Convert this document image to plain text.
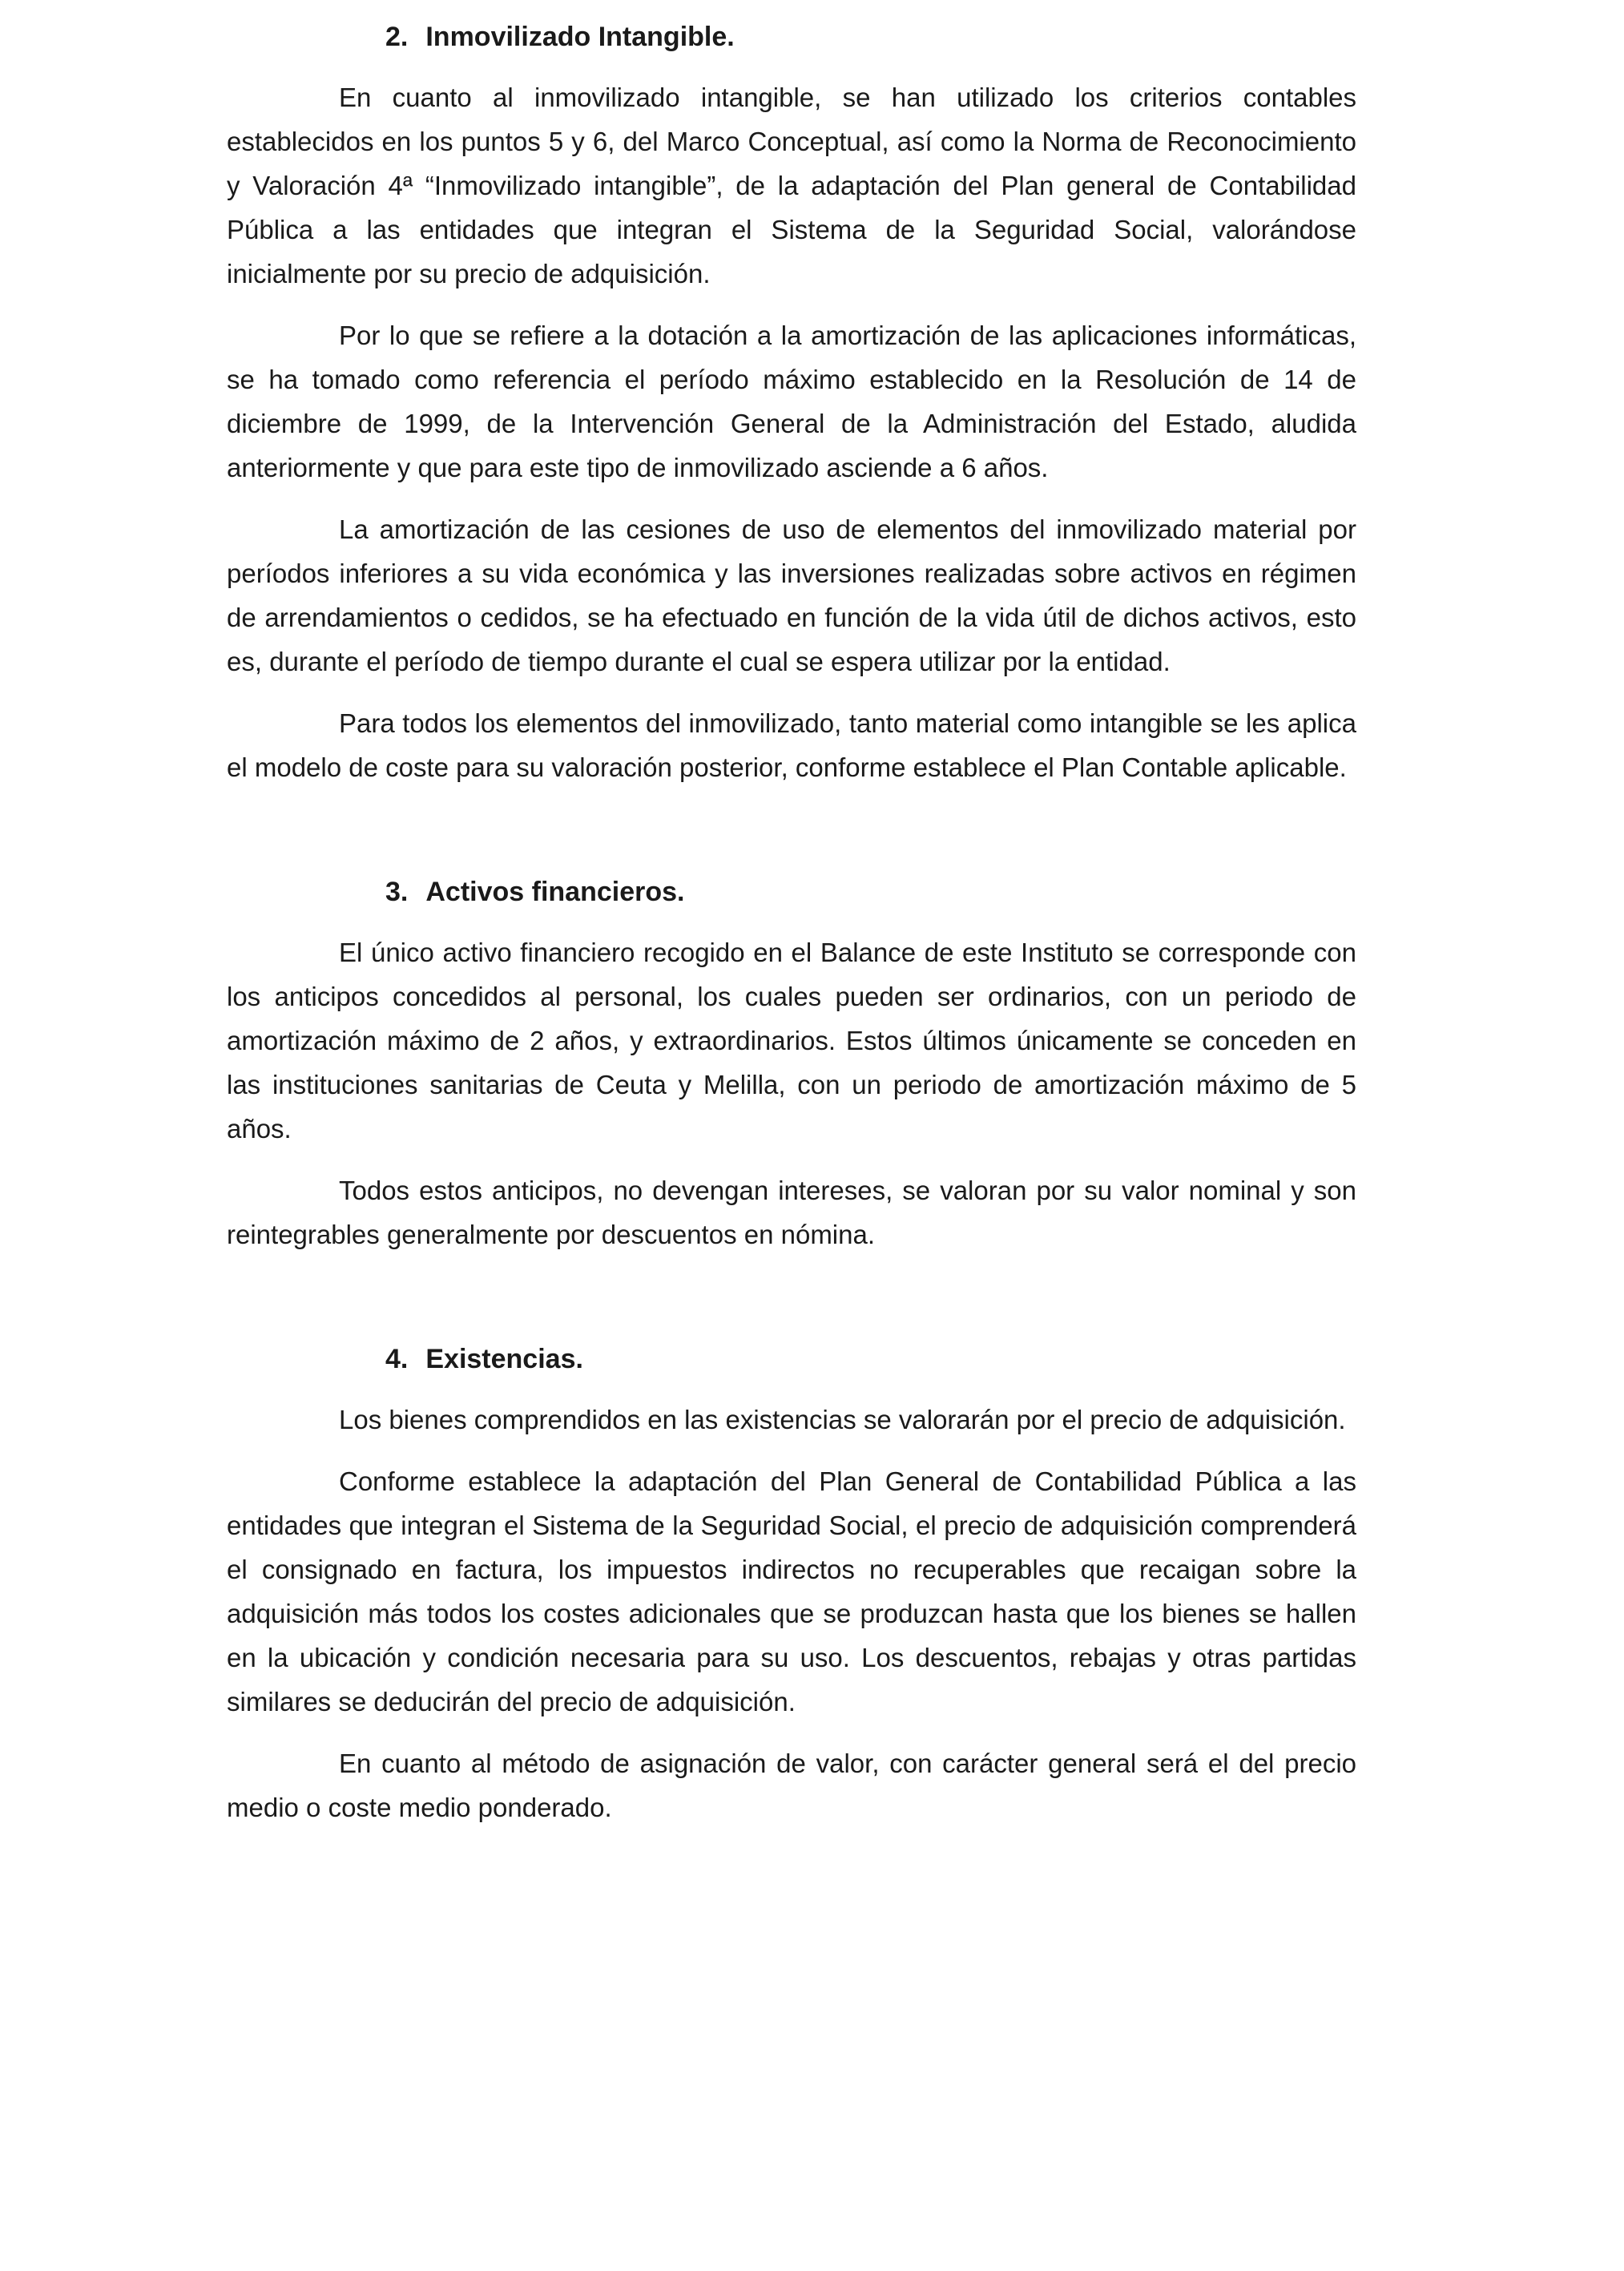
2. Inmovilizado Intangible.

En cuanto al inmovilizado intangible, se han utilizado los criterios contables establecidos en los puntos 5 y 6, del Marco Conceptual, así como la Norma de Reconocimiento y Valoración 4ª “Inmovilizado intangible”, de la adaptación del Plan general de Contabilidad Pública a las entidades que integran el Sistema de la Seguridad Social, valorándose inicialmente por su precio de adquisición.

Por lo que se refiere a la dotación a la amortización de las aplicaciones informáticas, se ha tomado como referencia el período máximo establecido en la Resolución de 14 de diciembre de 1999, de la Intervención General de la Administración del Estado, aludida anteriormente y que para este tipo de inmovilizado asciende a 6 años.

La amortización de las cesiones de uso de elementos del inmovilizado material por períodos inferiores a su vida económica y las inversiones realizadas sobre activos en régimen de arrendamientos o cedidos, se ha efectuado en función de la vida útil de dichos activos, esto es, durante el período de tiempo durante el cual se espera utilizar por la entidad.

Para todos los elementos del inmovilizado, tanto material como intangible se les aplica el modelo de coste para su valoración posterior, conforme establece el Plan Contable aplicable.

3. Activos financieros.

El único activo financiero recogido en el Balance de este Instituto se corresponde con los anticipos concedidos al personal, los cuales pueden ser ordinarios, con un periodo de amortización máximo de 2 años, y extraordinarios. Estos últimos únicamente se conceden en las instituciones sanitarias de Ceuta y Melilla, con un periodo de amortización máximo de 5 años.

Todos estos anticipos, no devengan intereses, se valoran por su valor nominal y son reintegrables generalmente por descuentos en nómina.

4. Existencias.

Los bienes comprendidos en las existencias se valorarán por el precio de adquisición.

Conforme establece la adaptación del Plan General de Contabilidad Pública a las entidades que integran el Sistema de la Seguridad Social, el precio de adquisición comprenderá el consignado en factura, los impuestos indirectos no recuperables que recaigan sobre la adquisición más todos los costes adicionales que se produzcan hasta que los bienes se hallen en la ubicación y condición necesaria para su uso. Los descuentos, rebajas y otras partidas similares se deducirán del precio de adquisición.

En cuanto al método de asignación de valor, con carácter general será el del precio medio o coste medio ponderado.
